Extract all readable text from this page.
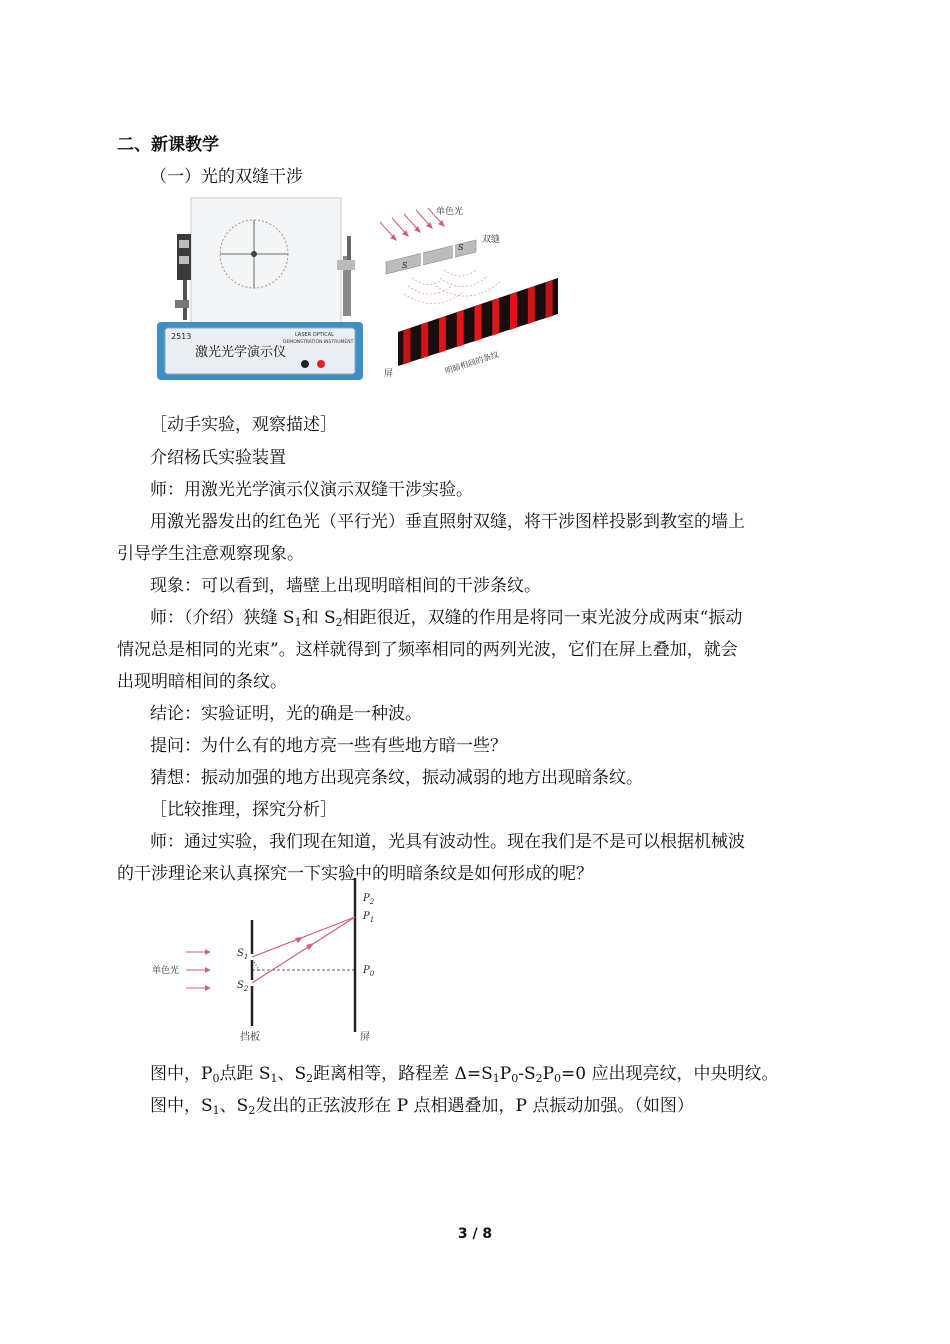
二、新课教学
（一）光的双缝干涉
2513
激光光学演示仪
LASER OPTICAL
DEMONSTRATION INSTRUMENT
单色光
S
S
双缝
屏	明暗相间的条纹
［动手实验，观察描述］
介绍杨氏实验装置
师：用激光光学演示仪演示双缝干涉实验。
用激光器发出的红色光（平行光）垂直照射双缝，将干涉图样投影到教室的墙上
引导学生注意观察现象。
现象：可以看到，墙壁上出现明暗相间的干涉条纹。
师：（介绍）狭缝 $S_1$和 $S_2$相距很近，双缝的作用是将同一束光波分成两束“振动
情况总是相同的光束”。这样就得到了频率相同的两列光波，它们在屏上叠加，就会
出现明暗相间的条纹。
结论：实验证明，光的确是一种波。
提问：为什么有的地方亮一些有些地方暗一些？
猜想：振动加强的地方出现亮条纹，振动减弱的地方出现暗条纹。
［比较推理，探究分析］
师：通过实验，我们现在知道，光具有波动性。现在我们是不是可以根据机械波
的干涉理论来认真探究一下实验中的明暗条纹是如何形成的呢？
单色光
$S_1$
$S_2$
$P_2$
$P_1$
$P_0$
挡板	屏
图中，$P_0$点距 $S_1$、$S_2$距离相等，路程差 $\Delta=S_1P_0-S_2P_0=0$ 应出现亮纹，中央明纹。
图中，$S_1$、$S_2$发出的正弦波形在 P 点相遇叠加，P 点振动加强。（如图）
3 / 8
